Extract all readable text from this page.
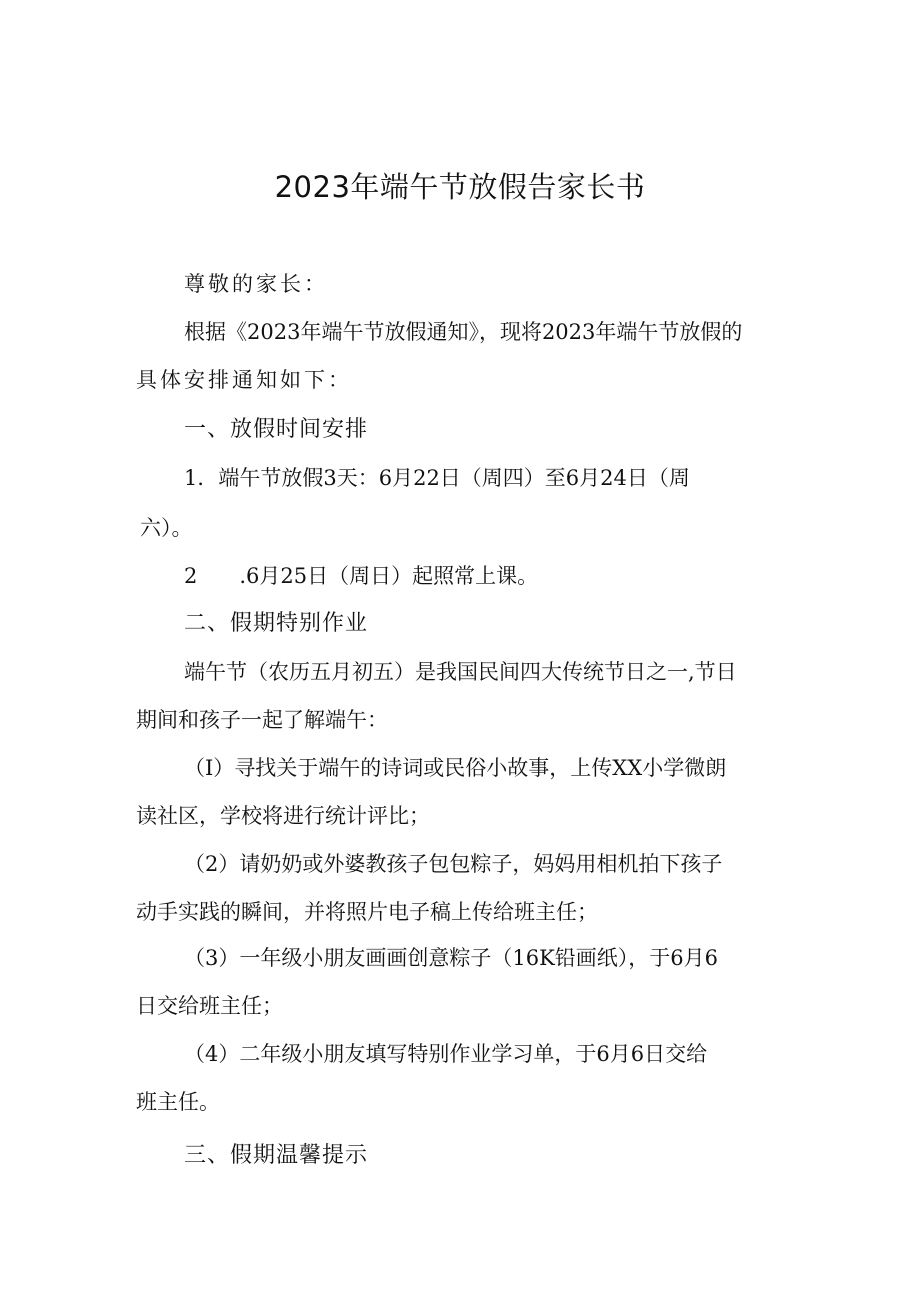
2023年端午节放假告家长书

尊敬的家长：

根据《2023年端午节放假通知》，现将2023年端午节放假的

具体安排通知如下：

一、放假时间安排

1．端午节放假3天：6月22日（周四）至6月24日（周

六）。

2　　.6月25日（周日）起照常上课。

二、假期特别作业

端午节（农历五月初五）是我国民间四大传统节日之一,节日

期间和孩子一起了解端午：

（I）寻找关于端午的诗词或民俗小故事，上传XX小学微朗

读社区，学校将进行统计评比；

（2）请奶奶或外婆教孩子包包粽子，妈妈用相机拍下孩子

动手实践的瞬间，并将照片电子稿上传给班主任；

（3）一年级小朋友画画创意粽子（16K铅画纸），于6月6

日交给班主任；

（4）二年级小朋友填写特别作业学习单，于6月6日交给

班主任。

三、假期温馨提示
